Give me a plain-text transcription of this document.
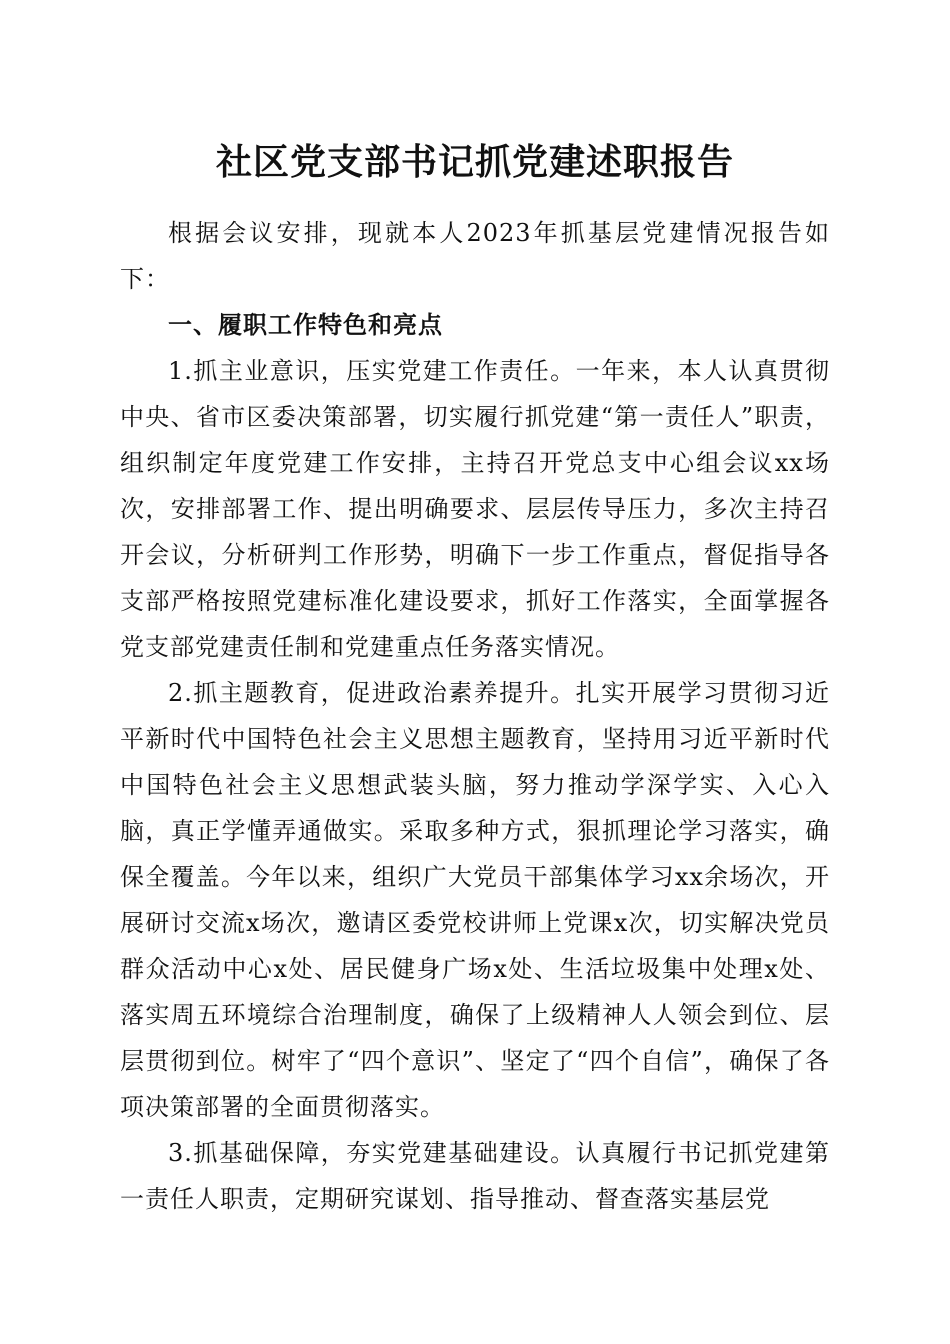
社区党支部书记抓党建述职报告

根据会议安排，现就本人2023年抓基层党建情况报告如下：

一、履职工作特色和亮点

1.抓主业意识，压实党建工作责任。一年来，本人认真贯彻中央、省市区委决策部署，切实履行抓党建“第一责任人”职责，组织制定年度党建工作安排，主持召开党总支中心组会议xx场次，安排部署工作、提出明确要求、层层传导压力，多次主持召开会议，分析研判工作形势，明确下一步工作重点，督促指导各支部严格按照党建标准化建设要求，抓好工作落实，全面掌握各党支部党建责任制和党建重点任务落实情况。

2.抓主题教育，促进政治素养提升。扎实开展学习贯彻习近平新时代中国特色社会主义思想主题教育，坚持用习近平新时代中国特色社会主义思想武装头脑，努力推动学深学实、入心入脑，真正学懂弄通做实。采取多种方式，狠抓理论学习落实，确保全覆盖。今年以来，组织广大党员干部集体学习xx余场次，开展研讨交流x场次，邀请区委党校讲师上党课x次，切实解决党员群众活动中心x处、居民健身广场x处、生活垃圾集中处理x处、落实周五环境综合治理制度，确保了上级精神人人领会到位、层层贯彻到位。树牢了“四个意识”、坚定了“四个自信”，确保了各项决策部署的全面贯彻落实。

3.抓基础保障，夯实党建基础建设。认真履行书记抓党建第一责任人职责，定期研究谋划、指导推动、督查落实基层党
